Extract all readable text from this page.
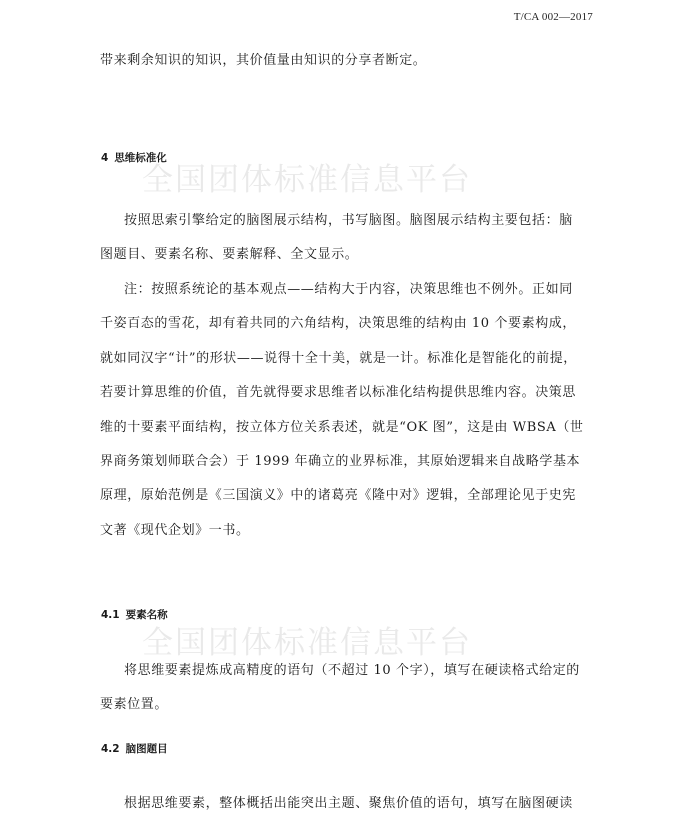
T/CA 002—2017
全国团体标准信息平台
全国团体标准信息平台
带来剩余知识的知识，其价值量由知识的分享者断定。
4 思维标准化
按照思索引擎给定的脑图展示结构，书写脑图。脑图展示结构主要包括：脑
图题目、要素名称、要素解释、全文显示。
注：按照系统论的基本观点——结构大于内容，决策思维也不例外。正如同
千姿百态的雪花，却有着共同的六角结构，决策思维的结构由 10 个要素构成，
就如同汉字“计”的形状——说得十全十美，就是一计。标准化是智能化的前提，
若要计算思维的价值，首先就得要求思维者以标准化结构提供思维内容。决策思
维的十要素平面结构，按立体方位关系表述，就是“OK 图”，这是由 WBSA（世
界商务策划师联合会）于 1999 年确立的业界标准，其原始逻辑来自战略学基本
原理，原始范例是《三国演义》中的诸葛亮《隆中对》逻辑，全部理论见于史宪
文著《现代企划》一书。
4.1 要素名称
将思维要素提炼成高精度的语句（不超过 10 个字），填写在硬读格式给定的
要素位置。
4.2 脑图题目
根据思维要素，整体概括出能突出主题、聚焦价值的语句，填写在脑图硬读
